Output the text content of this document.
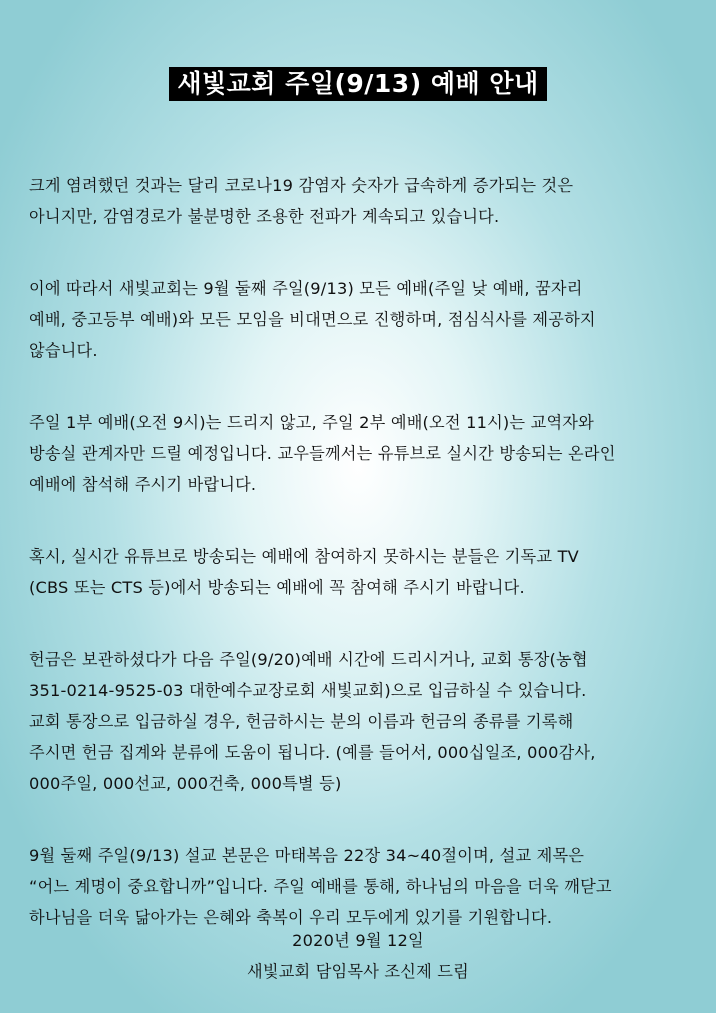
새빛교회 주일(9/13) 예배 안내
크게 염려했던 것과는 달리 코로나19 감염자 숫자가 급속하게 증가되는 것은
아니지만, 감염경로가 불분명한 조용한 전파가 계속되고 있습니다.
이에 따라서 새빛교회는 9월 둘째 주일(9/13) 모든 예배(주일 낮 예배, 꿈자리
예배, 중고등부 예배)와 모든 모임을 비대면으로 진행하며, 점심식사를 제공하지
않습니다.
주일 1부 예배(오전 9시)는 드리지 않고, 주일 2부 예배(오전 11시)는 교역자와
방송실 관계자만 드릴 예정입니다. 교우들께서는 유튜브로 실시간 방송되는 온라인
예배에 참석해 주시기 바랍니다.
혹시, 실시간 유튜브로 방송되는 예배에 참여하지 못하시는 분들은 기독교 TV
(CBS 또는 CTS 등)에서 방송되는 예배에 꼭 참여해 주시기 바랍니다.
헌금은 보관하셨다가 다음 주일(9/20)예배 시간에 드리시거나, 교회 통장(농협
351-0214-9525-03 대한예수교장로회 새빛교회)으로 입금하실 수 있습니다.
교회 통장으로 입금하실 경우, 헌금하시는 분의 이름과 헌금의 종류를 기록해
주시면 헌금 집계와 분류에 도움이 됩니다. (예를 들어서, 000십일조, 000감사,
000주일, 000선교, 000건축, 000특별 등)
9월 둘째 주일(9/13) 설교 본문은 마태복음 22장 34~40절이며, 설교 제목은
“어느 계명이 중요합니까”입니다. 주일 예배를 통해, 하나님의 마음을 더욱 깨닫고
하나님을 더욱 닮아가는 은혜와 축복이 우리 모두에게 있기를 기원합니다.
2020년 9월 12일
새빛교회 담임목사 조신제 드림
